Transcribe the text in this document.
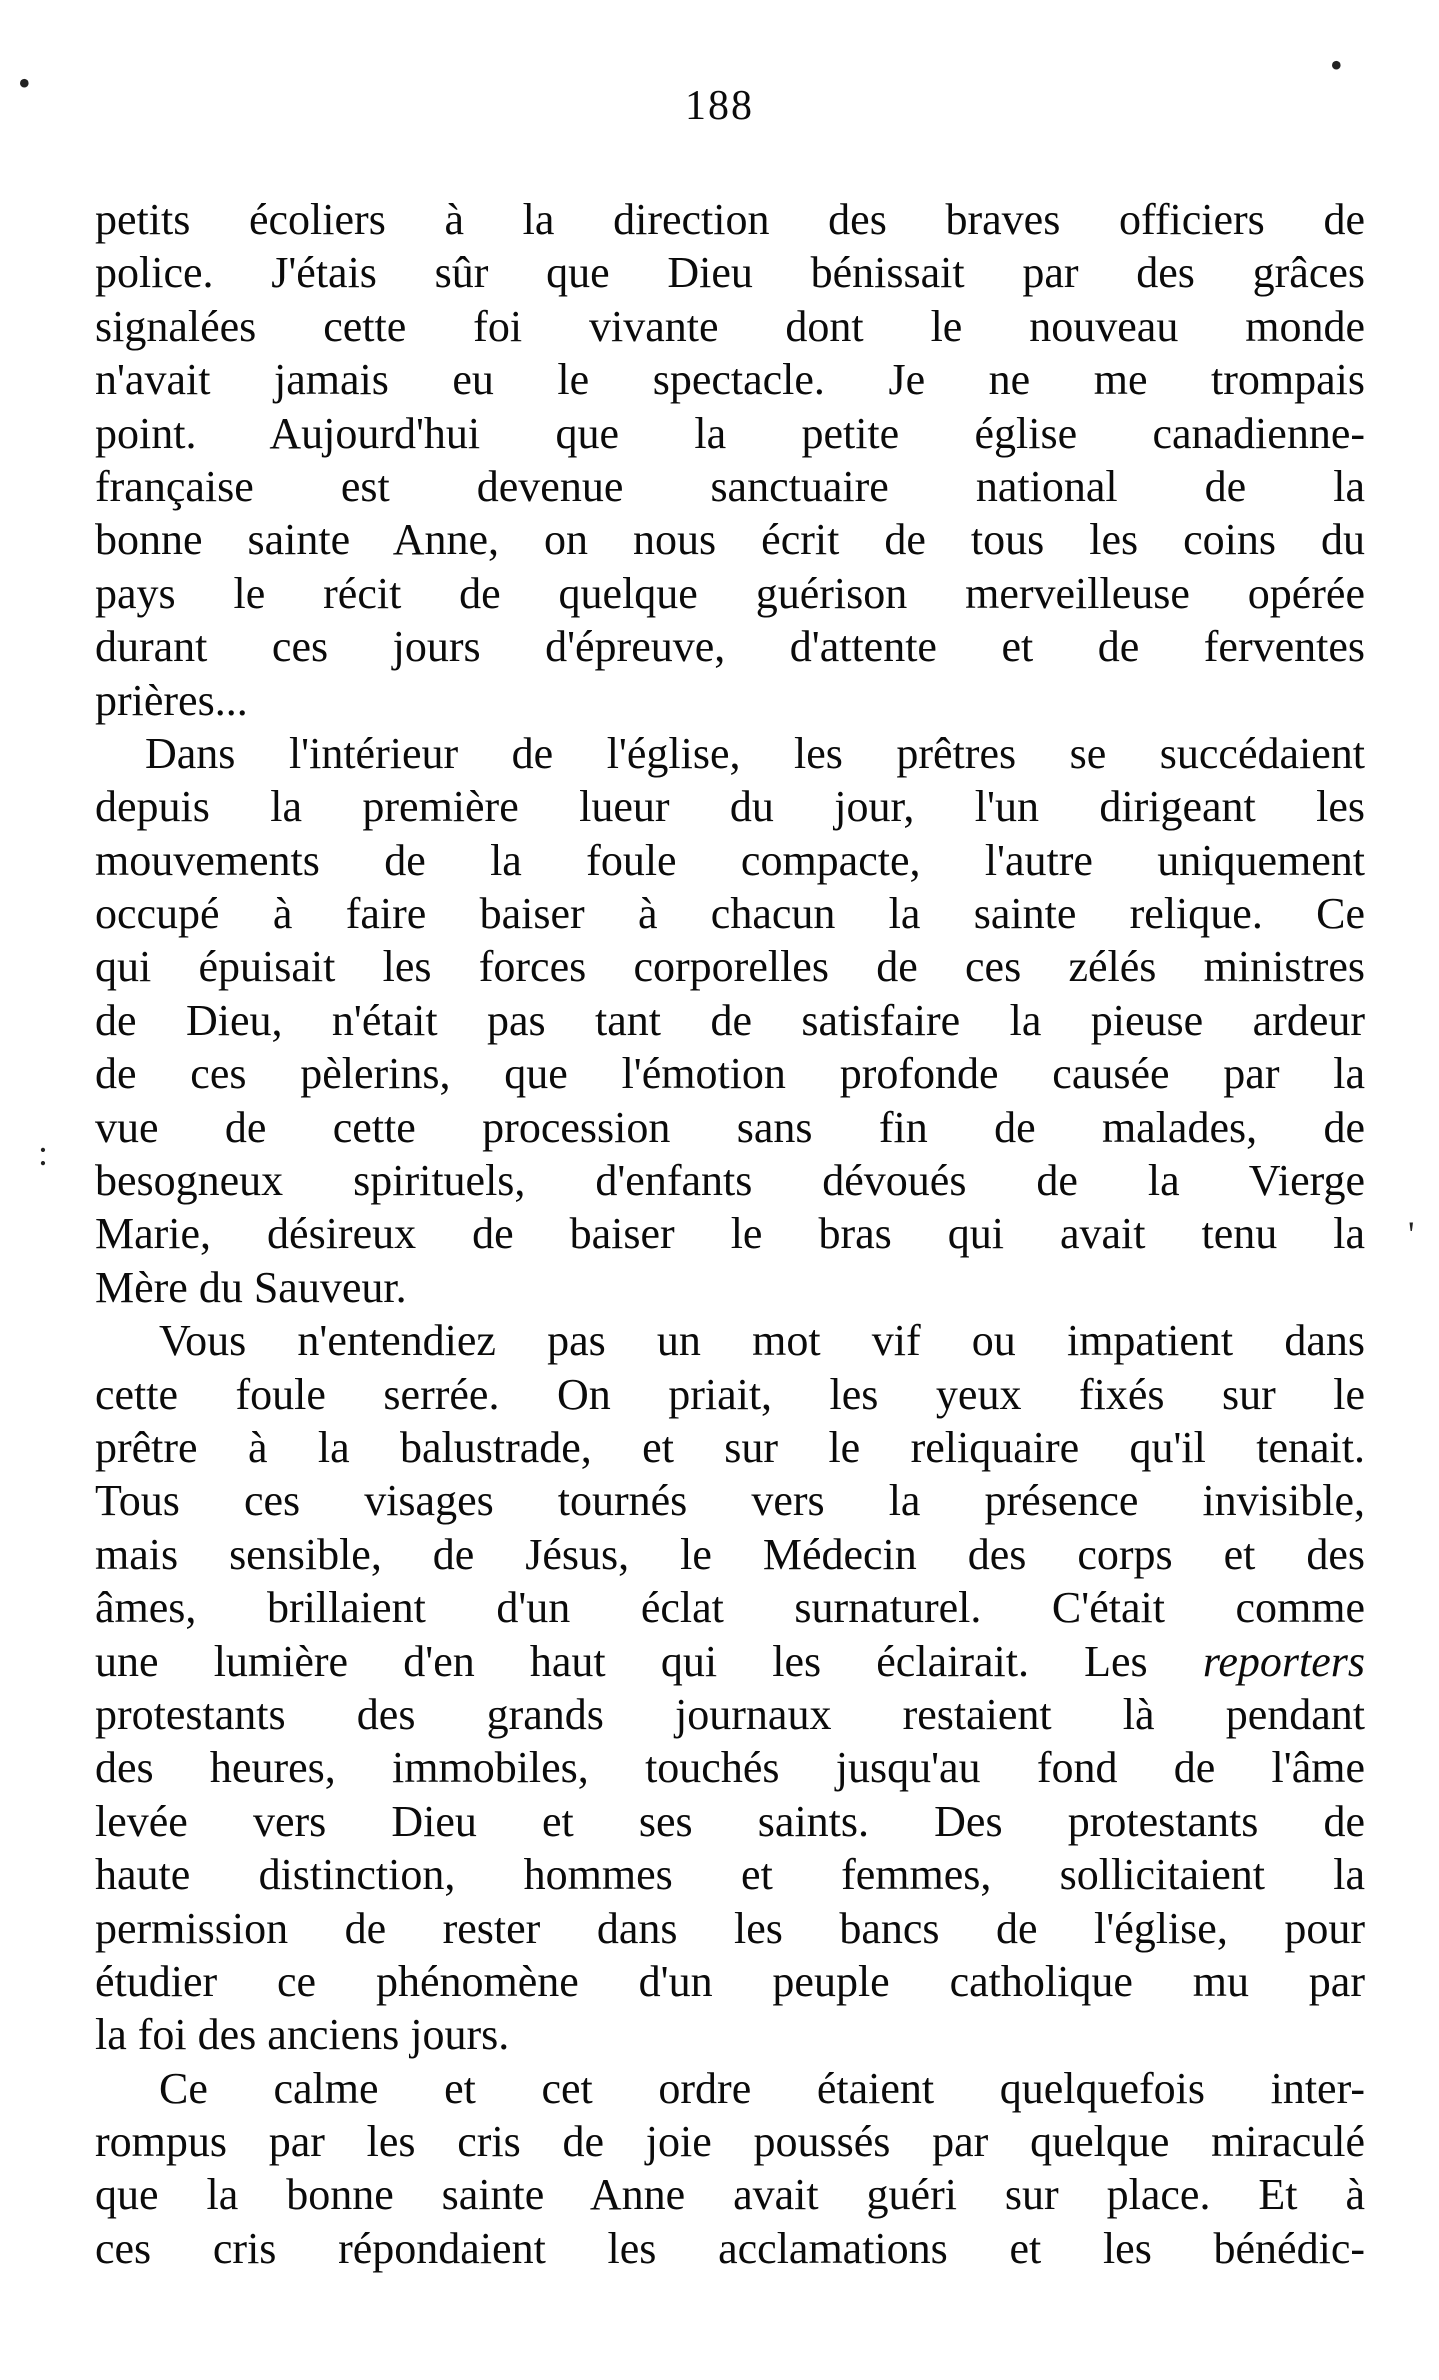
•	•
188
petits écoliers à la direction des braves officiers de
police. J'étais sûr que Dieu bénissait par des grâces
signalées cette foi vivante dont le nouveau monde
n'avait jamais eu le spectacle. Je ne me trompais
point. Aujourd'hui que la petite église canadienne-
française est devenue sanctuaire national de la
bonne sainte Anne, on nous écrit de tous les coins du
pays le récit de quelque guérison merveilleuse opérée
durant ces jours d'épreuve, d'attente et de ferventes
prières...
Dans l'intérieur de l'église, les prêtres se succédaient
depuis la première lueur du jour, l'un dirigeant les
mouvements de la foule compacte, l'autre uniquement
occupé à faire baiser à chacun la sainte relique. Ce
qui épuisait les forces corporelles de ces zélés ministres
de Dieu, n'était pas tant de satisfaire la pieuse ardeur
de ces pèlerins, que l'émotion profonde causée par la
vue de cette procession sans fin de malades, de
besogneux spirituels, d'enfants dévoués de la Vierge
Marie, désireux de baiser le bras qui avait tenu la
Mère du Sauveur.
Vous n'entendiez pas un mot vif ou impatient dans
cette foule serrée. On priait, les yeux fixés sur le
prêtre à la balustrade, et sur le reliquaire qu'il tenait.
Tous ces visages tournés vers la présence invisible,
mais sensible, de Jésus, le Médecin des corps et des
âmes, brillaient d'un éclat surnaturel. C'était comme
une lumière d'en haut qui les éclairait. Les reporters
protestants des grands journaux restaient là pendant
des heures, immobiles, touchés jusqu'au fond de l'âme
levée vers Dieu et ses saints. Des protestants de
haute distinction, hommes et femmes, sollicitaient la
permission de rester dans les bancs de l'église, pour
étudier ce phénomène d'un peuple catholique mu par
la foi des anciens jours.
Ce calme et cet ordre étaient quelquefois inter-
rompus par les cris de joie poussés par quelque miraculé
que la bonne sainte Anne avait guéri sur place. Et à
ces cris répondaient les acclamations et les bénédic-
:
'
